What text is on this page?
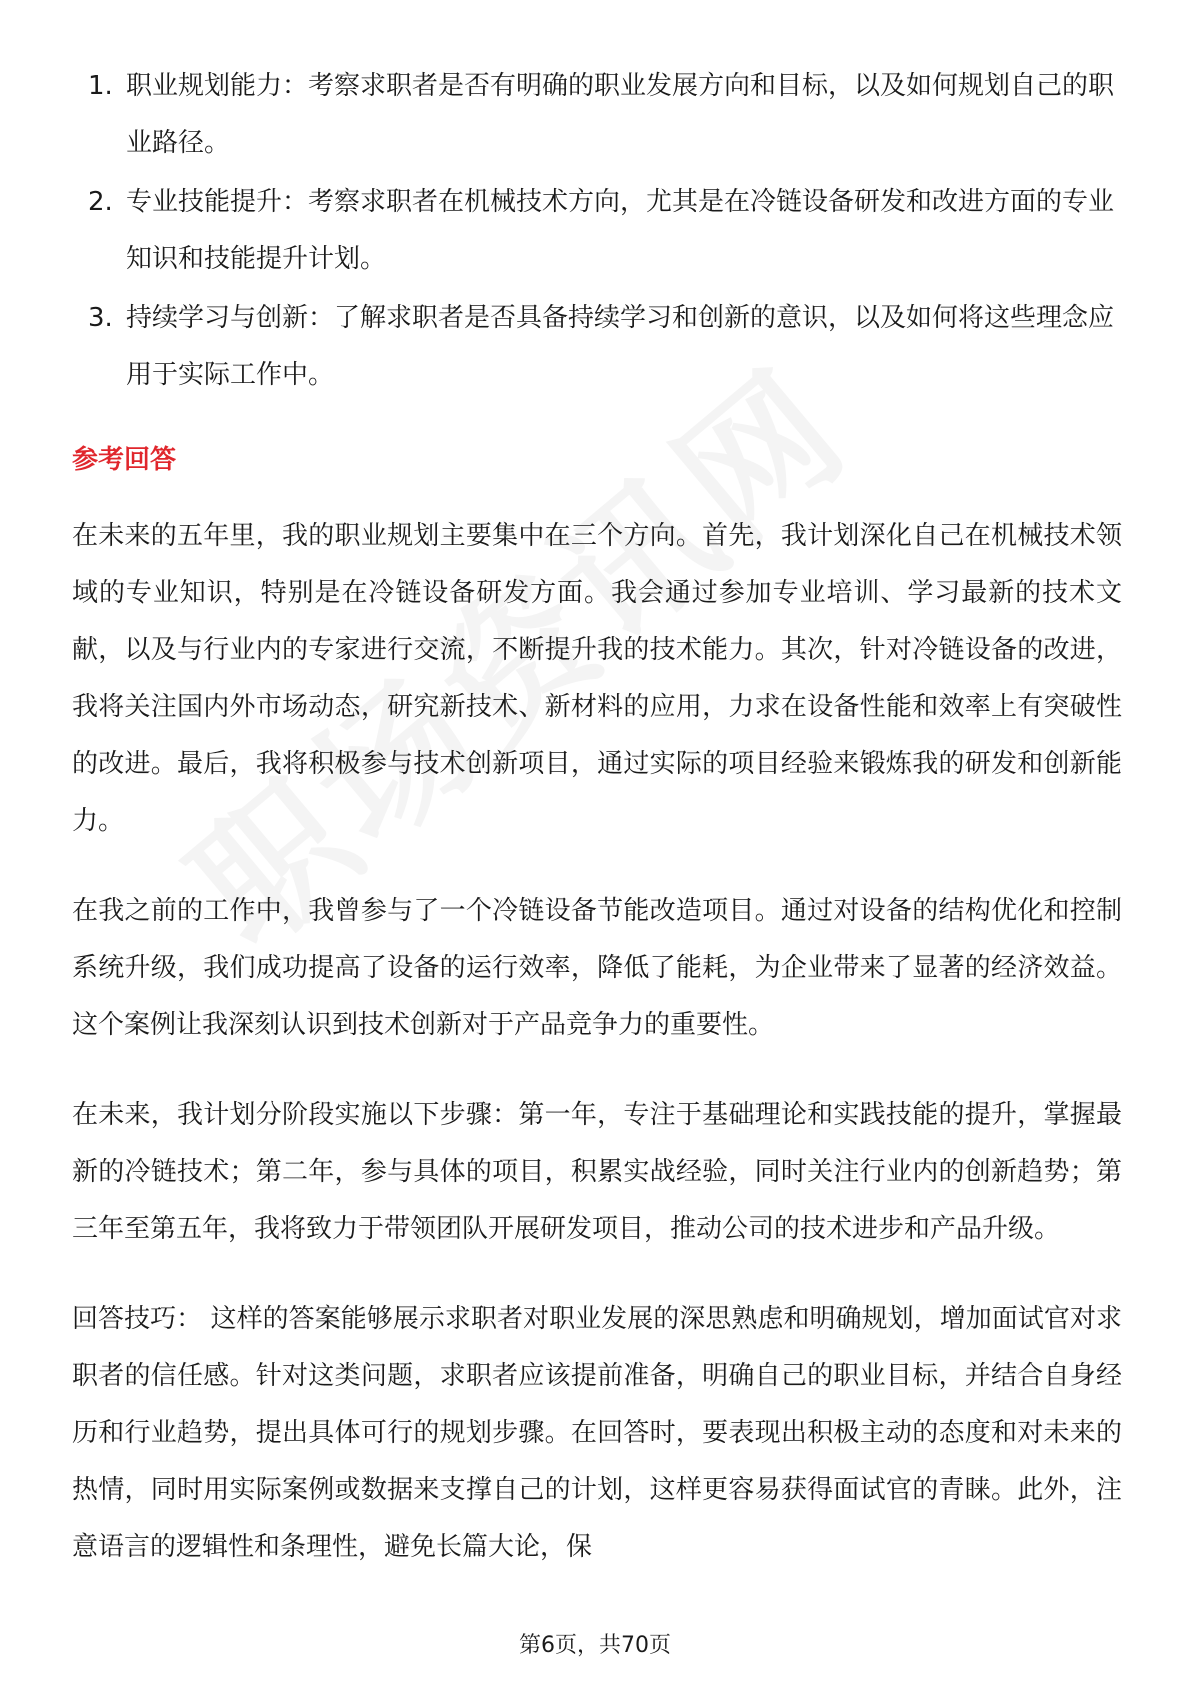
1. 职业规划能力：考察求职者是否有明确的职业发展方向和目标，以及如何规划自己的职业路径。
2. 专业技能提升：考察求职者在机械技术方向，尤其是在冷链设备研发和改进方面的专业知识和技能提升计划。
3. 持续学习与创新：了解求职者是否具备持续学习和创新的意识，以及如何将这些理念应用于实际工作中。
参考回答

在未来的五年里，我的职业规划主要集中在三个方向。首先，我计划深化自己在机械技术领域的专业知识，特别是在冷链设备研发方面。我会通过参加专业培训、学习最新的技术文献，以及与行业内的专家进行交流，不断提升我的技术能力。其次，针对冷链设备的改进，我将关注国内外市场动态，研究新技术、新材料的应用，力求在设备性能和效率上有突破性的改进。最后，我将积极参与技术创新项目，通过实际的项目经验来锻炼我的研发和创新能力。

在我之前的工作中，我曾参与了一个冷链设备节能改造项目。通过对设备的结构优化和控制系统升级，我们成功提高了设备的运行效率，降低了能耗，为企业带来了显著的经济效益。这个案例让我深刻认识到技术创新对于产品竞争力的重要性。

在未来，我计划分阶段实施以下步骤：第一年，专注于基础理论和实践技能的提升，掌握最新的冷链技术；第二年，参与具体的项目，积累实战经验，同时关注行业内的创新趋势；第三年至第五年，我将致力于带领团队开展研发项目，推动公司的技术进步和产品升级。

回答技巧： 这样的答案能够展示求职者对职业发展的深思熟虑和明确规划，增加面试官对求职者的信任感。针对这类问题，求职者应该提前准备，明确自己的职业目标，并结合自身经历和行业趋势，提出具体可行的规划步骤。在回答时，要表现出积极主动的态度和对未来的热情，同时用实际案例或数据来支撑自己的计划，这样更容易获得面试官的青睐。此外，注意语言的逻辑性和条理性，避免长篇大论，保

第6页，共70页
